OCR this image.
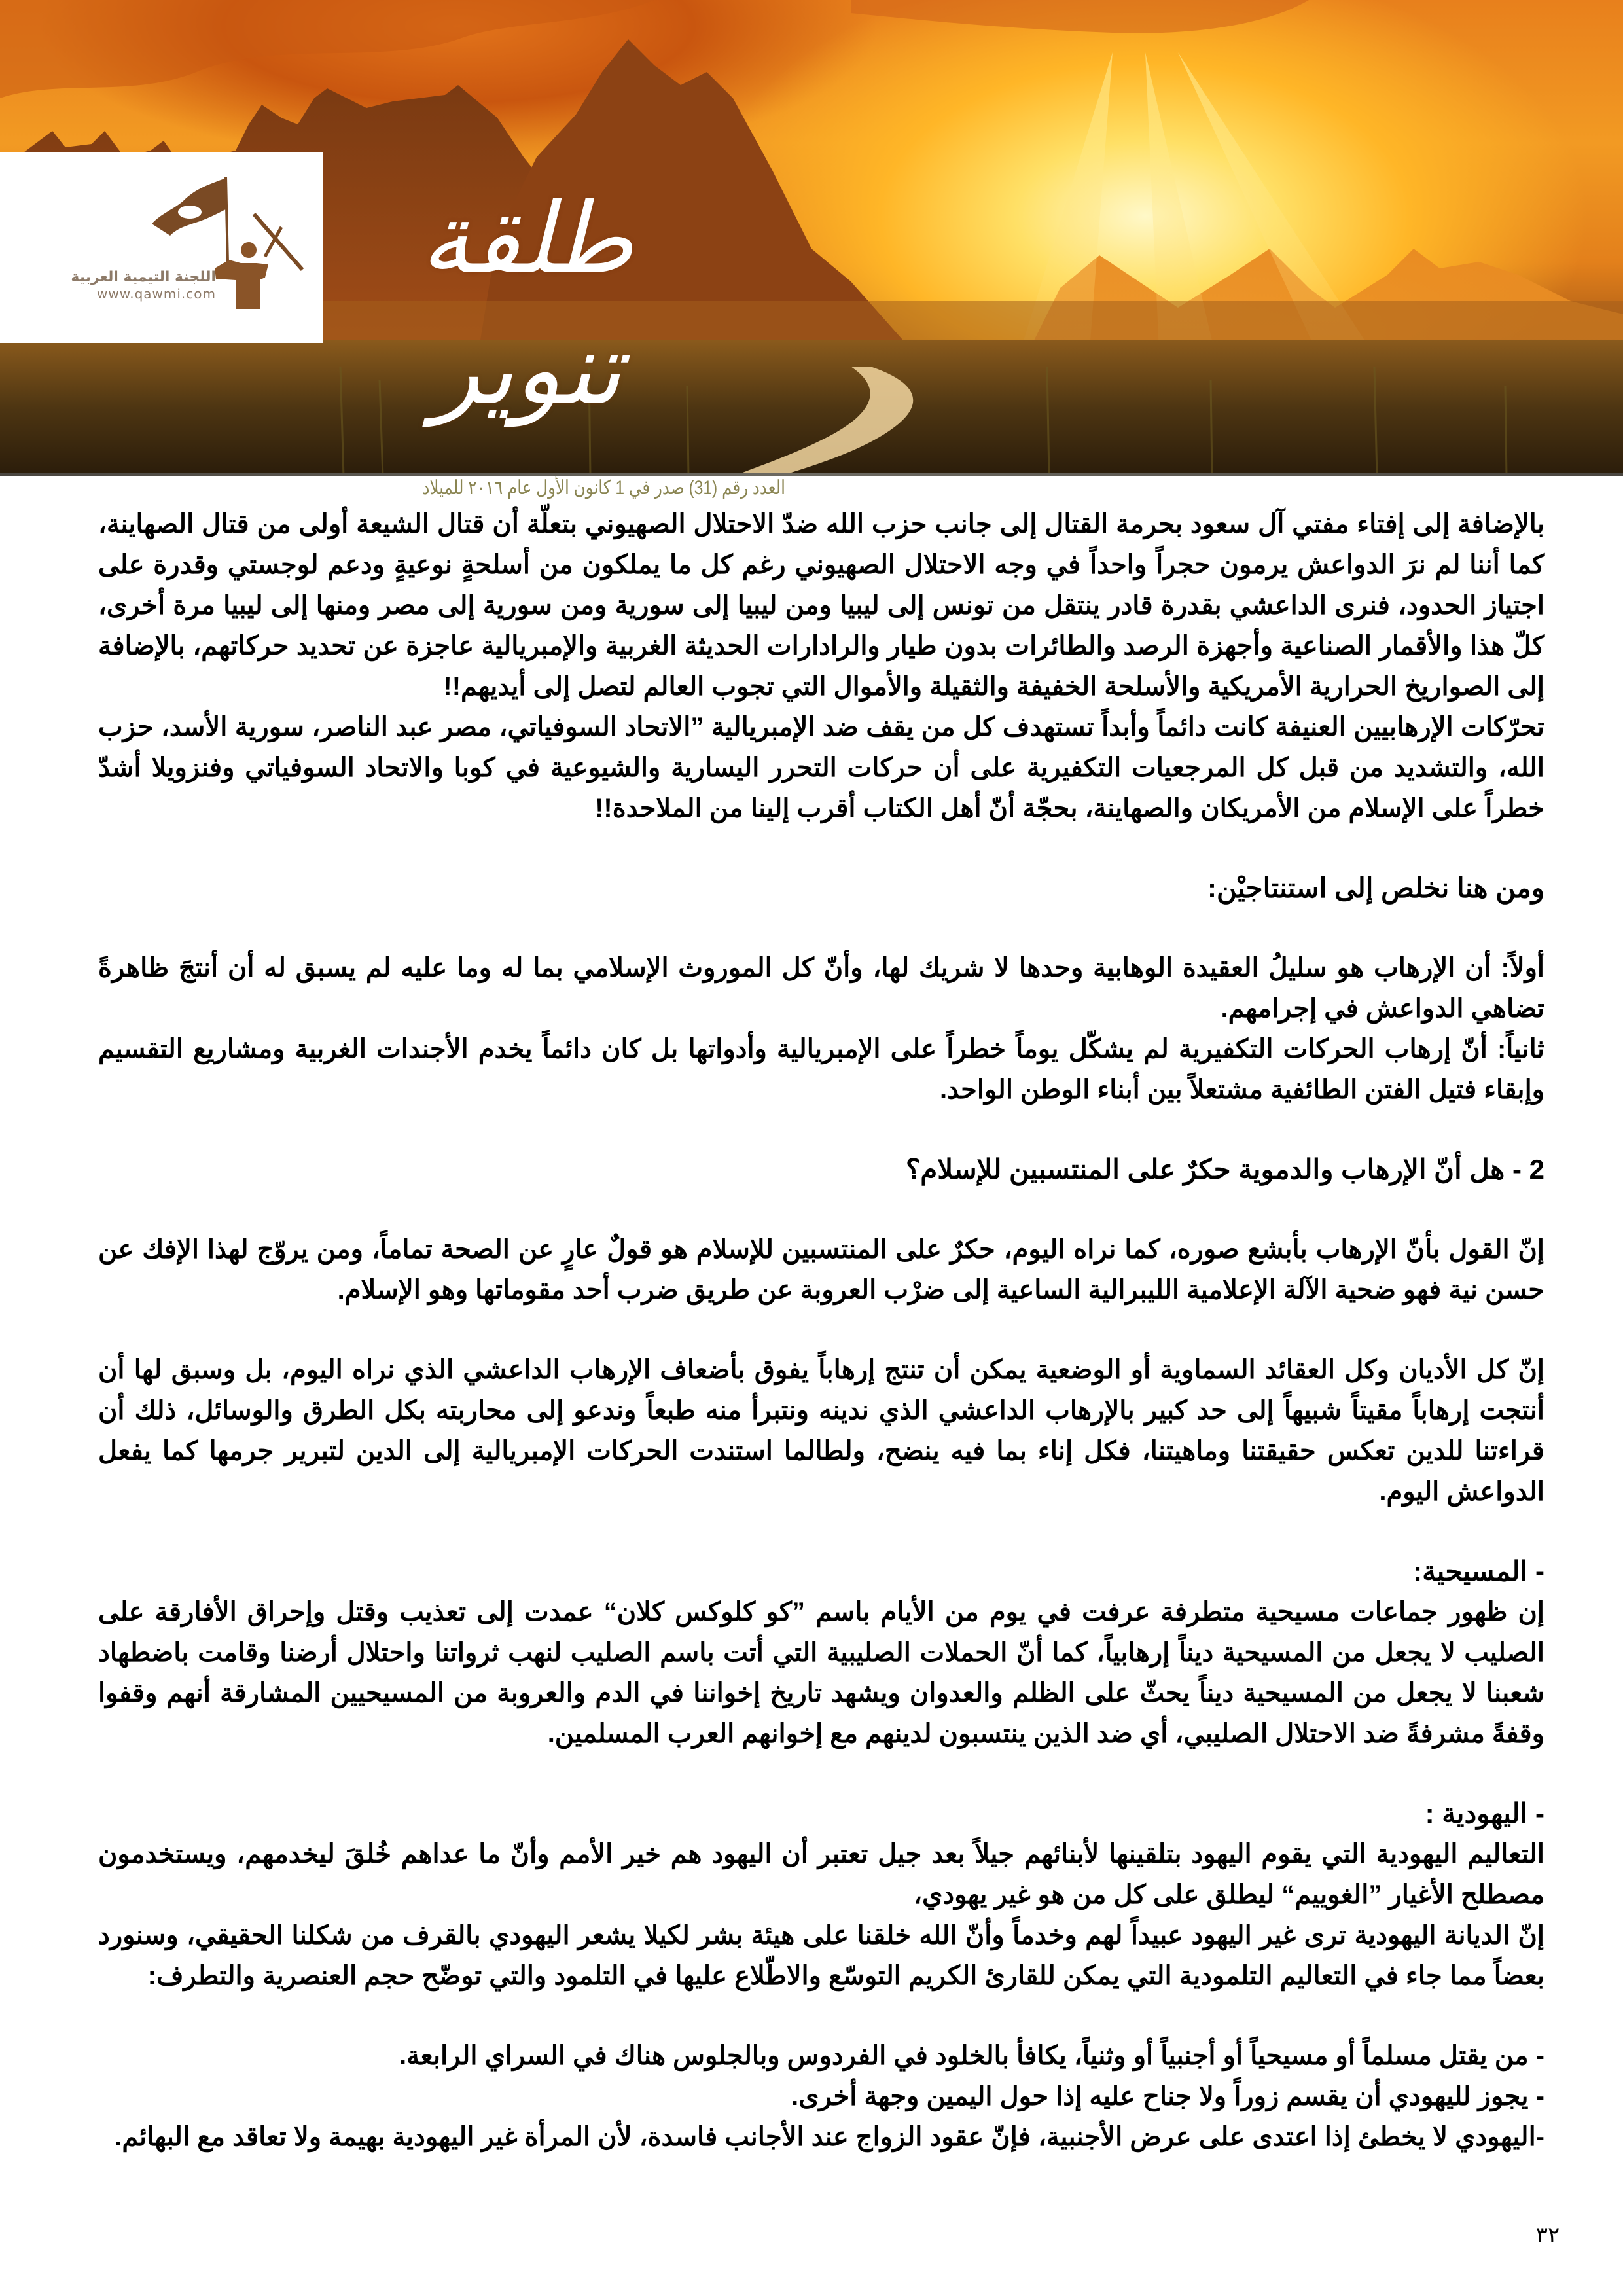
اللجنة التيمية العربية
www.qawmi.com	طلقة تنوير
العدد رقم (31) صدر في 1 كانون الأول عام ٢٠١٦ للميلاد

بالإضافة إلى إفتاء مفتي آل سعود بحرمة القتال إلى جانب حزب الله ضدّ الاحتلال الصهيوني بتعلّة أن قتال الشيعة أولى من قتال الصهاينة، كما أننا لم نرَ الدواعش يرمون حجراً واحداً في وجه الاحتلال الصهيوني رغم كل ما يملكون من أسلحةٍ نوعيةٍ ودعم لوجستي وقدرة على اجتياز الحدود، فنرى الداعشي بقدرة قادر ينتقل من تونس إلى ليبيا ومن ليبيا إلى سورية ومن سورية إلى مصر ومنها إلى ليبيا مرة أخرى، كلّ هذا والأقمار الصناعية وأجهزة الرصد والطائرات بدون طيار والرادارات الحديثة الغربية والإمبريالية عاجزة عن تحديد حركاتهم، بالإضافة إلى الصواريخ الحرارية الأمريكية والأسلحة الخفيفة والثقيلة والأموال التي تجوب العالم لتصل إلى أيديهم!!

تحرّكات الإرهابيين العنيفة كانت دائماً وأبداً تستهدف كل من يقف ضد الإمبريالية ”الاتحاد السوفياتي، مصر عبد الناصر، سورية الأسد، حزب الله، والتشديد من قبل كل المرجعيات التكفيرية على أن حركات التحرر اليسارية والشيوعية في كوبا والاتحاد السوفياتي وفنزويلا أشدّ خطراً على الإسلام من الأمريكان والصهاينة، بحجّة أنّ أهل الكتاب أقرب إلينا من الملاحدة!!

ومن هنا نخلص إلى استنتاجيْن:

أولاً: أن الإرهاب هو سليلُ العقيدة الوهابية وحدها لا شريك لها، وأنّ كل الموروث الإسلامي بما له وما عليه لم يسبق له أن أنتجَ ظاهرةً تضاهي الدواعش في إجرامهم.

ثانياً: أنّ إرهاب الحركات التكفيرية لم يشكّل يوماً خطراً على الإمبريالية وأدواتها بل كان دائماً يخدم الأجندات الغربية ومشاريع التقسيم وإبقاء فتيل الفتن الطائفية مشتعلاً بين أبناء الوطن الواحد.

2 - هل أنّ الإرهاب والدموية حكرٌ على المنتسبين للإسلام؟

إنّ القول بأنّ الإرهاب بأبشع صوره، كما نراه اليوم، حكرٌ على المنتسبين للإسلام هو قولٌ عارٍ عن الصحة تماماً، ومن يروّج لهذا الإفك عن حسن نية فهو ضحية الآلة الإعلامية الليبرالية الساعية إلى ضرْب العروبة عن طريق ضرب أحد مقوماتها وهو الإسلام.

إنّ كل الأديان وكل العقائد السماوية أو الوضعية يمكن أن تنتج إرهاباً يفوق بأضعاف الإرهاب الداعشي الذي نراه اليوم، بل وسبق لها أن أنتجت إرهاباً مقيتاً شبيهاً إلى حد كبير بالإرهاب الداعشي الذي ندينه ونتبرأ منه طبعاً وندعو إلى محاربته بكل الطرق والوسائل، ذلك أن قراءتنا للدين تعكس حقيقتنا وماهيتنا، فكل إناء بما فيه ينضح، ولطالما استندت الحركات الإمبريالية إلى الدين لتبرير جرمها كما يفعل الدواعش اليوم.

- المسيحية:

إن ظهور جماعات مسيحية متطرفة عرفت في يوم من الأيام باسم ”كو كلوكس كلان“ عمدت إلى تعذيب وقتل وإحراق الأفارقة على الصليب لا يجعل من المسيحية ديناً إرهابياً، كما أنّ الحملات الصليبية التي أتت باسم الصليب لنهب ثرواتنا واحتلال أرضنا وقامت باضطهاد شعبنا لا يجعل من المسيحية ديناً يحثّ على الظلم والعدوان ويشهد تاريخ إخواننا في الدم والعروبة من المسيحيين المشارقة أنهم وقفوا وقفةً مشرفةً ضد الاحتلال الصليبي، أي ضد الذين ينتسبون لدينهم مع إخوانهم العرب المسلمين.

- اليهودية :

التعاليم اليهودية التي يقوم اليهود بتلقينها لأبنائهم جيلاً بعد جيل تعتبر أن اليهود هم خير الأمم وأنّ ما عداهم خُلقَ ليخدمهم، ويستخدمون مصطلح الأغيار ”الغوييم“ ليطلق على كل من هو غير يهودي،

إنّ الديانة اليهودية ترى غير اليهود عبيداً لهم وخدماً وأنّ الله خلقنا على هيئة بشر لكيلا يشعر اليهودي بالقرف من شكلنا الحقيقي، وسنورد بعضاً مما جاء في التعاليم التلمودية التي يمكن للقارئ الكريم التوسّع والاطّلاع عليها في التلمود والتي توضّح حجم العنصرية والتطرف:

- من يقتل مسلماً أو مسيحياً أو أجنبياً أو وثنياً، يكافأ بالخلود في الفردوس وبالجلوس هناك في السراي الرابعة.

- يجوز لليهودي أن يقسم زوراً ولا جناح عليه إذا حول اليمين وجهة أخرى.

-اليهودي لا يخطئ إذا اعتدى على عرض الأجنبية، فإنّ عقود الزواج عند الأجانب فاسدة، لأن المرأة غير اليهودية بهيمة ولا تعاقد مع البهائم.

٣٢
